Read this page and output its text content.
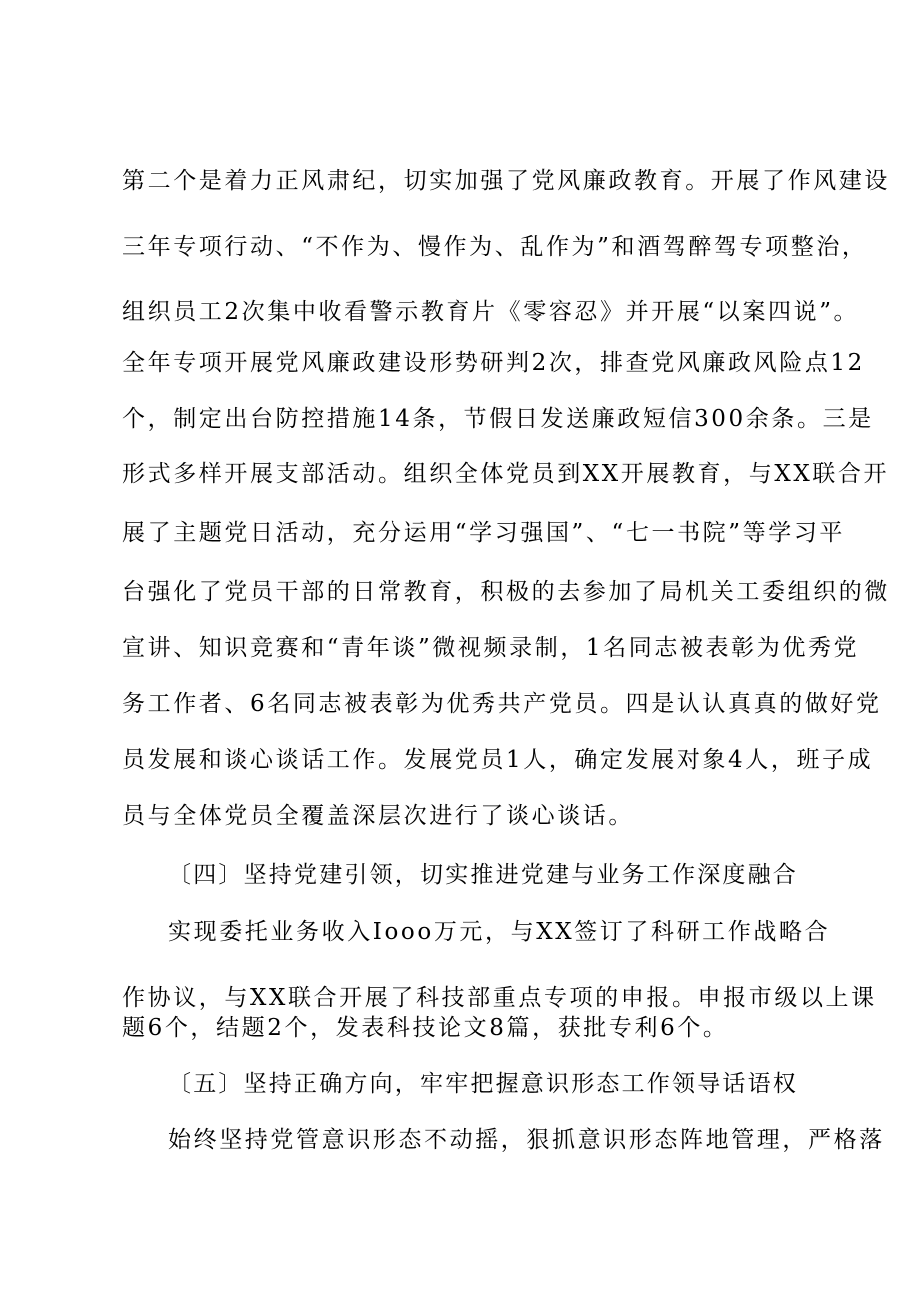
第二个是着力正风肃纪，切实加强了党风廉政教育。开展了作风建设
三年专项行动、“不作为、慢作为、乱作为”和酒驾醉驾专项整治，
组织员工2次集中收看警示教育片《零容忍》并开展“以案四说”。
全年专项开展党风廉政建设形势研判2次，排查党风廉政风险点12
个，制定出台防控措施14条，节假日发送廉政短信300余条。三是
形式多样开展支部活动。组织全体党员到XX开展教育，与XX联合开
展了主题党日活动，充分运用“学习强国”、“七一书院”等学习平
台强化了党员干部的日常教育，积极的去参加了局机关工委组织的微
宣讲、知识竞赛和“青年谈”微视频录制，1名同志被表彰为优秀党
务工作者、6名同志被表彰为优秀共产党员。四是认认真真的做好党
员发展和谈心谈话工作。发展党员1人，确定发展对象4人，班子成
员与全体党员全覆盖深层次进行了谈心谈话。
〔四〕坚持党建引领，切实推进党建与业务工作深度融合
实现委托业务收入Iooo万元，与XX签订了科研工作战略合
作协议，与XX联合开展了科技部重点专项的申报。申报市级以上课
题6个，结题2个，发表科技论文8篇，获批专利6个。
〔五〕坚持正确方向，牢牢把握意识形态工作领导话语权
始终坚持党管意识形态不动摇，狠抓意识形态阵地管理，严格落
